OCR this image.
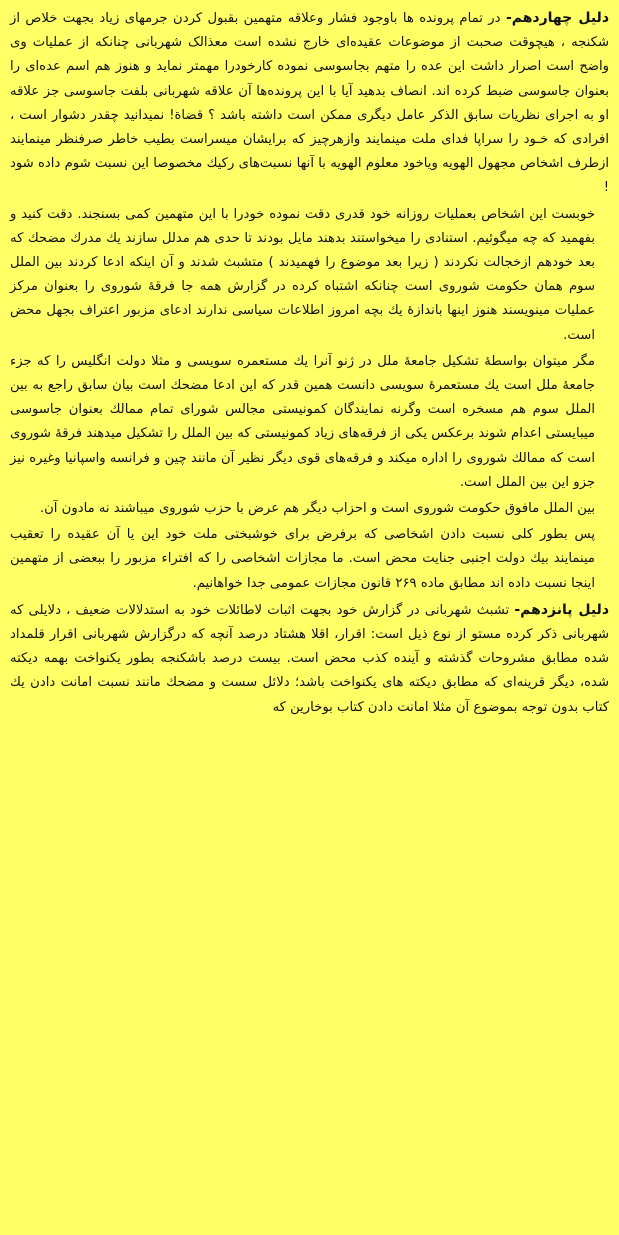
دلیل چهاردهم- در تمام پرونده ها باوجود فشار وعلاقه متهمین بقبول کردن جرمهای زیاد بجهت خلاص از شکنجه ، هیچوقت صحبت از موضوعات عقیده‌ای خارج نشده است معذالک شهربانی چنانکه از عملیات وی واضح است اصرار داشت این عده را متهم بجاسوسی نموده کارخودرا مهمتر نماید و هنوز هم اسم عده‌ای را بعنوان جاسوسی ضبط کرده اند. انصاف بدهید آیا با این پرونده‌ها آن علاقه شهربانی بلفت جاسوسی جز علاقه او به اجرای نظریات سابق الذکر عامل دیگری ممکن است داشته باشد ؟ قضاة! نمیدانید چقدر دشوار است ، افرادی که خـود را سراپا فدای ملت مینمایند وازهرچیز که برایشان میسراست بطیب خاطر صرفنظر مینمایند ازطرف اشخاص مجهول الهویه ویاخود معلوم الهویه با آنها نسبت‌های رکیك مخصوصا این نسبت شوم داده شود !

خوبست این اشخاص بعملیات روزانه خود قدری دقت نموده خودرا با این متهمین کمی بسنجند. دقت کنید و بفهمید که چه میگوئیم. استنادی را میخواستند بدهند مایل بودند تا حدی هم مدلل سازند یك مدرك مضحك که بعد خودهم ازخجالت نکردند ( زیرا بعد موضوع را فهمیدند ) متشبث شدند و آن اینکه ادعا کردند بین الملل سوم همان حکومت شوروی است چنانکه اشتباه کرده در گزارش همه جا فرقهٔ شوروی را بعنوان مرکز عملیات مینویسند هنوز اینها باندازهٔ یك بچه امروز اطلاعات سیاسی ندارند ادعای مزبور اعتراف بجهل محض است.

مگر میتوان بواسطهٔ تشکیل جامعهٔ ملل در ژنو آنرا یك مستعمره سویسی و مثلا دولت انگلیس را که جزء جامعهٔ ملل است یك مستعمرهٔ سویسی دانست همین قدر که این ادعا مضحك است بیان سابق راجع به بین الملل سوم هم مسخره است وگرنه نمایندگان کمونیستی مجالس شورای تمام ممالك بعنوان جاسوسی میبایستی اعدام شوند برعکس یکی از فرقه‌های زیاد کمونیستی که بین الملل را تشکیل میدهند فرقهٔ شوروی است که ممالك شوروی را اداره میکند و فرقه‌های قوی دیگر نظیر آن مانند چین و فرانسه واسپانیا وغیره نیز جزو این بین الملل است.

بین الملل مافوق حکومت شوروی است و احزاب دیگر هم عرض با حزب شوروی میباشند نه مادون آن.

پس بطور کلی نسبت دادن اشخاصی که برفرض برای خوشبختی ملت خود این یا آن عقیده را تعقیب مینمایند بیك دولت اجنبی جنایت محض است. ما مجازات اشخاصی را که افتراء مزبور را ببعضی از متهمین اینجا نسبت داده اند مطابق ماده ۲۶۹ قانون مجازات عمومی جدا خواهانیم.

دلیل پانزدهم- تشبث شهربانی در گزارش خود بجهت اثبات لاطائلات خود به استدلالات ضعیف ، دلایلی که شهربانی ذکر کرده مستو از نوع ذیل است: اقرار، اقلا هشتاد درصد آنچه که درگزارش شهربانی اقرار قلمداد شده مطابق مشروحات گذشته و آینده کذب محض است. بیست درصد باشکنجه بطور یکنواخت بهمه دیکته شده، دیگر قرینه‌ای که مطابق دیکته های یکنواخت باشد؛ دلائل سست و مضحك مانند نسبت امانت دادن یك کتاب بدون توجه بموضوع آن مثلا امانت دادن کتاب بوخارین که
